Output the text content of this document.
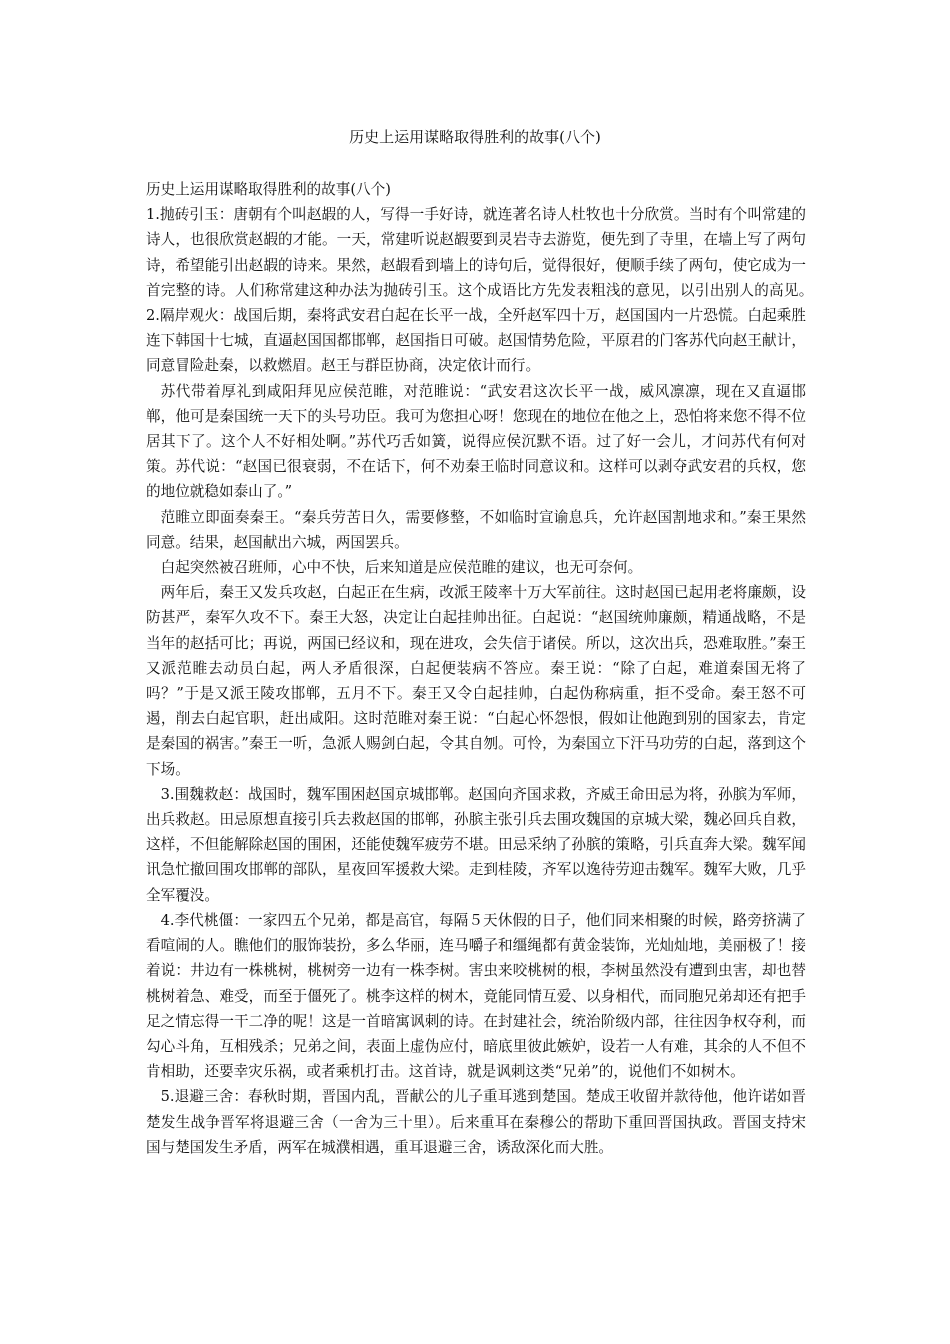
历史上运用谋略取得胜利的故事(八个)

历史上运用谋略取得胜利的故事(八个)

1.抛砖引玉：唐朝有个叫赵嘏的人，写得一手好诗，就连著名诗人杜牧也十分欣赏。当时有个叫常建的诗人，也很欣赏赵嘏的才能。一天，常建听说赵嘏要到灵岩寺去游览，便先到了寺里，在墙上写了两句诗，希望能引出赵嘏的诗来。果然，赵嘏看到墙上的诗句后，觉得很好，便顺手续了两句，使它成为一首完整的诗。人们称常建这种办法为抛砖引玉。这个成语比方先发表粗浅的意见，以引出别人的高见。　　2.隔岸观火：战国后期，秦将武安君白起在长平一战，全歼赵军四十万，赵国国内一片恐慌。白起乘胜连下韩国十七城，直逼赵国国都邯郸，赵国指日可破。赵国情势危险，平原君的门客苏代向赵王献计，同意冒险赴秦，以救燃眉。赵王与群臣协商，决定依计而行。

苏代带着厚礼到咸阳拜见应侯范睢，对范睢说：“武安君这次长平一战，威风凛凛，现在又直逼邯郸，他可是秦国统一天下的头号功臣。我可为您担心呀！您现在的地位在他之上，恐怕将来您不得不位居其下了。这个人不好相处啊。”苏代巧舌如簧，说得应侯沉默不语。过了好一会儿，才问苏代有何对策。苏代说：“赵国已很衰弱，不在话下，何不劝秦王临时同意议和。这样可以剥夺武安君的兵权，您的地位就稳如泰山了。”

范睢立即面奏秦王。“秦兵劳苦日久，需要修整，不如临时宣谕息兵，允许赵国割地求和。”秦王果然同意。结果，赵国献出六城，两国罢兵。

白起突然被召班师，心中不快，后来知道是应侯范睢的建议，也无可奈何。

两年后，秦王又发兵攻赵，白起正在生病，改派王陵率十万大军前往。这时赵国已起用老将廉颇，设防甚严，秦军久攻不下。秦王大怒，决定让白起挂帅出征。白起说：“赵国统帅廉颇，精通战略，不是当年的赵括可比；再说，两国已经议和，现在进攻，会失信于诸侯。所以，这次出兵，恐难取胜。”秦王又派范睢去动员白起，两人矛盾很深，白起便装病不答应。秦王说：“除了白起，难道秦国无将了吗？”于是又派王陵攻邯郸，五月不下。秦王又令白起挂帅，白起伪称病重，拒不受命。秦王怒不可遏，削去白起官职，赶出咸阳。这时范睢对秦王说：“白起心怀怨恨，假如让他跑到别的国家去，肯定是秦国的祸害。”秦王一听，急派人赐剑白起，令其自刎。可怜，为秦国立下汗马功劳的白起，落到这个下场。

3.围魏救赵：战国时，魏军围困赵国京城邯郸。赵国向齐国求救，齐威王命田忌为将，孙膑为军师，出兵救赵。田忌原想直接引兵去救赵国的邯郸，孙膑主张引兵去围攻魏国的京城大梁，魏必回兵自救，这样，不但能解除赵国的围困，还能使魏军疲劳不堪。田忌采纳了孙膑的策略，引兵直奔大梁。魏军闻讯急忙撤回围攻邯郸的部队，星夜回军援救大梁。走到桂陵，齐军以逸待劳迎击魏军。魏军大败，几乎全军覆没。

4.李代桃僵：一家四五个兄弟，都是高官，每隔５天休假的日子，他们同来相聚的时候，路旁挤满了看喧闹的人。瞧他们的服饰装扮，多么华丽，连马嚼子和缰绳都有黄金装饰，光灿灿地，美丽极了！接着说：井边有一株桃树，桃树旁一边有一株李树。害虫来咬桃树的根，李树虽然没有遭到虫害，却也替桃树着急、难受，而至于僵死了。桃李这样的树木，竟能同情互爱、以身相代，而同胞兄弟却还有把手足之情忘得一干二净的呢！这是一首暗寓讽刺的诗。在封建社会，统治阶级内部，往往因争权夺利，而勾心斗角，互相残杀；兄弟之间，表面上虚伪应付，暗底里彼此嫉妒，设若一人有难，其余的人不但不肯相助，还要幸灾乐祸，或者乘机打击。这首诗，就是讽刺这类“兄弟”的，说他们不如树木。

5.退避三舍：春秋时期，晋国内乱，晋献公的儿子重耳逃到楚国。楚成王收留并款待他，他许诺如晋楚发生战争晋军将退避三舍（一舍为三十里）。后来重耳在秦穆公的帮助下重回晋国执政。晋国支持宋国与楚国发生矛盾，两军在城濮相遇，重耳退避三舍，诱敌深化而大胜。
